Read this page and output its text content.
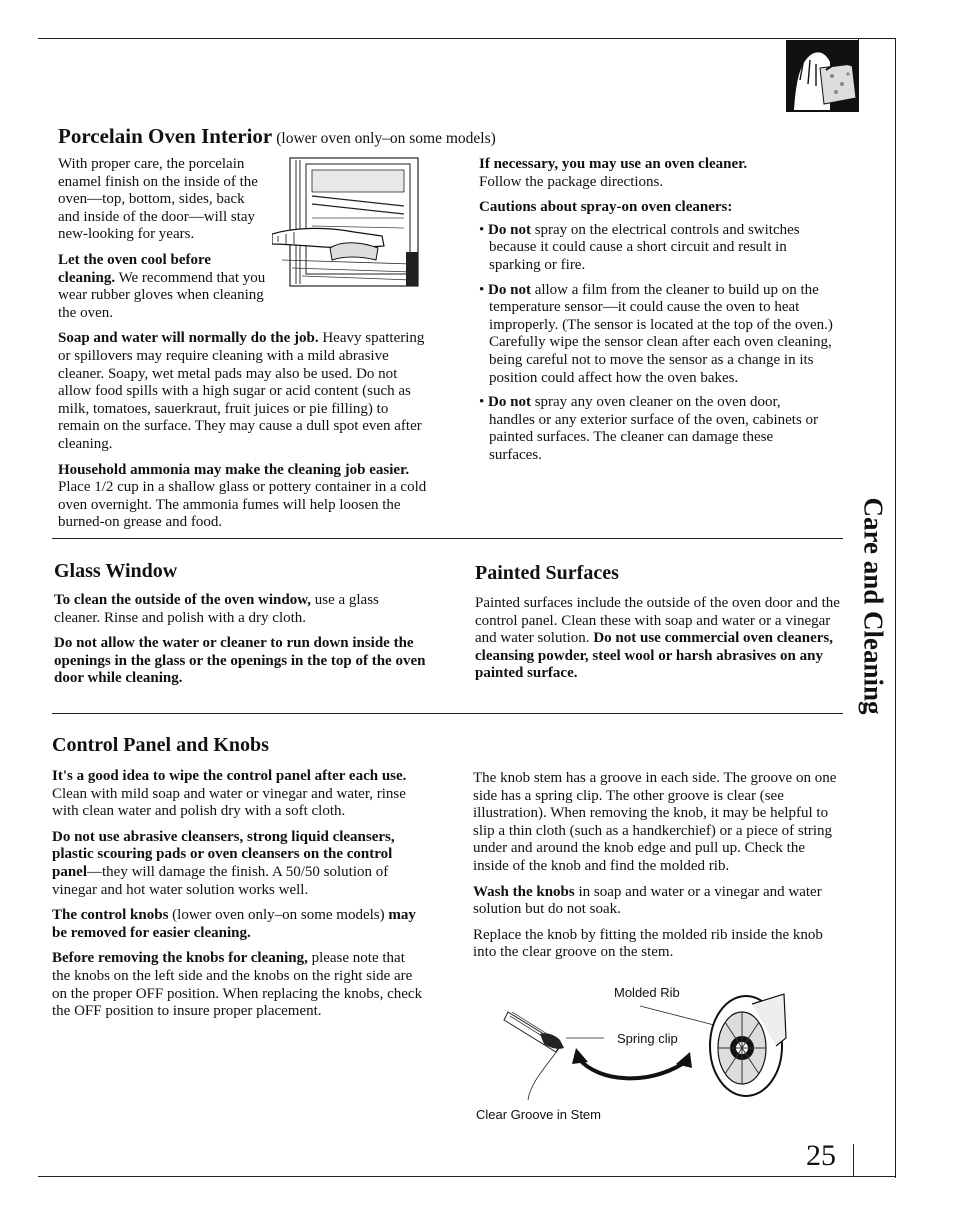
Porcelain Oven Interior (lower oven only–on some models)

With proper care, the porcelain enamel finish on the inside of the oven—top, bottom, sides, back and inside of the door—will stay new-looking for years.

Let the oven cool before cleaning. We recommend that you wear rubber gloves when cleaning the oven.

Soap and water will normally do the job. Heavy spattering or spillovers may require cleaning with a mild abrasive cleaner. Soapy, wet metal pads may also be used. Do not allow food spills with a high sugar or acid content (such as milk, tomatoes, sauerkraut, fruit juices or pie filling) to remain on the surface. They may cause a dull spot even after cleaning.

Household ammonia may make the cleaning job easier. Place 1/2 cup in a shallow glass or pottery container in a cold oven overnight. The ammonia fumes will help loosen the burned-on grease and food.

If necessary, you may use an oven cleaner.
Follow the package directions.

Cautions about spray-on oven cleaners:

• Do not spray on the electrical controls and switches because it could cause a short circuit and result in sparking or fire.

• Do not allow a film from the cleaner to build up on the temperature sensor—it could cause the oven to heat improperly. (The sensor is located at the top of the oven.) Carefully wipe the sensor clean after each oven cleaning, being careful not to move the sensor as a change in its position could affect how the oven bakes.

• Do not spray any oven cleaner on the oven door, handles or any exterior surface of the oven, cabinets or painted surfaces. The cleaner can damage these surfaces.

Glass Window

To clean the outside of the oven window, use a glass cleaner. Rinse and polish with a dry cloth.

Do not allow the water or cleaner to run down inside the openings in the glass or the openings in the top of the oven door while cleaning.

Painted Surfaces

Painted surfaces include the outside of the oven door and the control panel. Clean these with soap and water or a vinegar and water solution. Do not use commercial oven cleaners, cleansing powder, steel wool or harsh abrasives on any painted surface.

Control Panel and Knobs

It's a good idea to wipe the control panel after each use. Clean with mild soap and water or vinegar and water, rinse with clean water and polish dry with a soft cloth.

Do not use abrasive cleansers, strong liquid cleansers, plastic scouring pads or oven cleansers on the control panel—they will damage the finish. A 50/50 solution of vinegar and hot water solution works well.

The control knobs (lower oven only–on some models) may be removed for easier cleaning.

Before removing the knobs for cleaning, please note that the knobs on the left side and the knobs on the right side are on the proper OFF position. When replacing the knobs, check the OFF position to insure proper placement.

The knob stem has a groove in each side. The groove on one side has a spring clip. The other groove is clear (see illustration). When removing the knob, it may be helpful to slip a thin cloth (such as a handkerchief) or a piece of string under and around the knob edge and pull up. Check the inside of the knob and find the molded rib.

Wash the knobs in soap and water or a vinegar and water solution but do not soak.

Replace the knob by fitting the molded rib inside the knob into the clear groove on the stem.

Molded Rib
Spring clip
Clear Groove in Stem
Care and Cleaning
25
